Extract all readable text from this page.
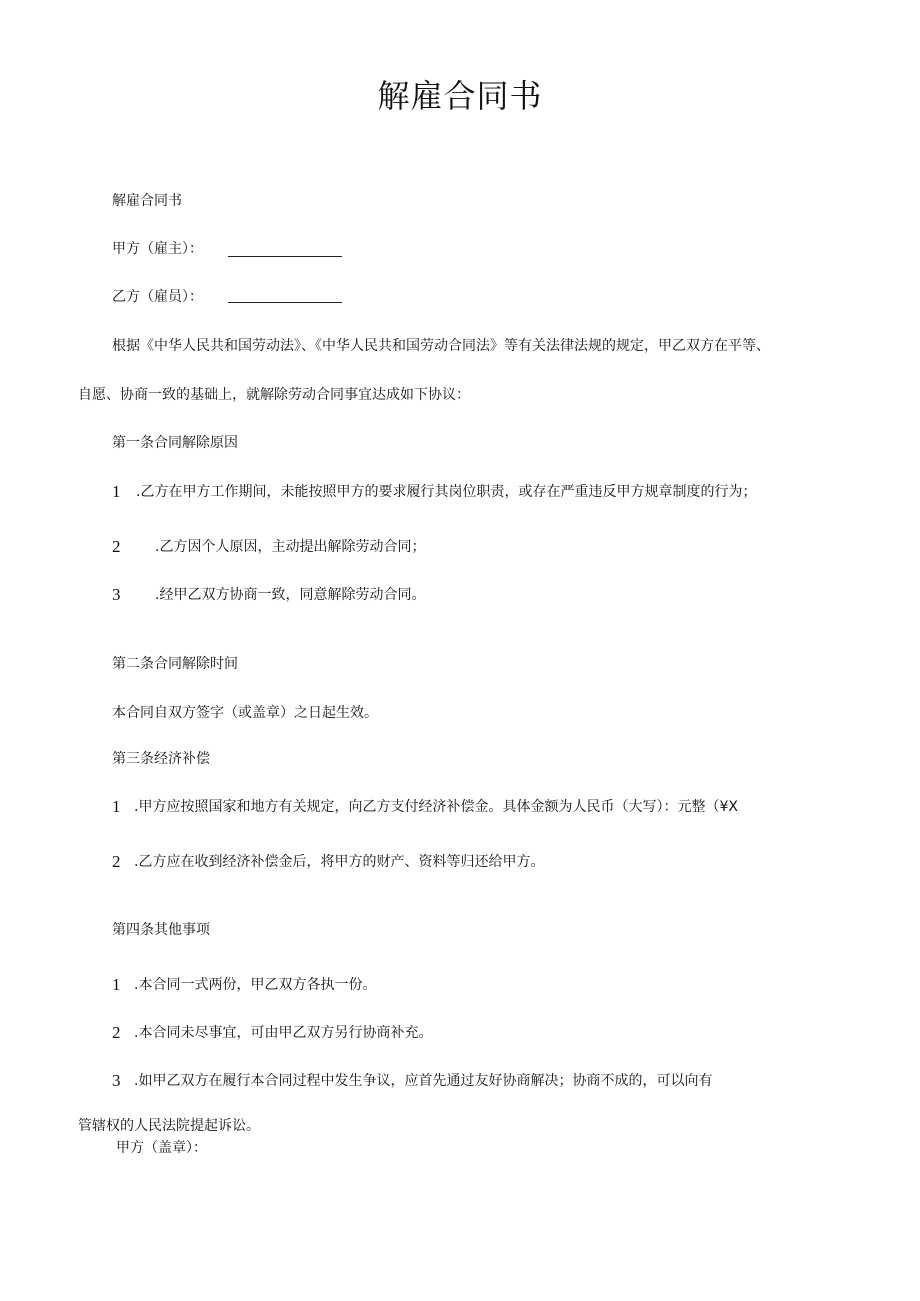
解雇合同书
解雇合同书
甲方（雇主）：
乙方（雇员）：
根据《中华人民共和国劳动法》、《中华人民共和国劳动合同法》等有关法律法规的规定，甲乙双方在平等、
自愿、协商一致的基础上，就解除劳动合同事宜达成如下协议：
第一条合同解除原因
1 .乙方在甲方工作期间，未能按照甲方的要求履行其岗位职责，或存在严重违反甲方规章制度的行为；
2 .乙方因个人原因，主动提出解除劳动合同；
3 .经甲乙双方协商一致，同意解除劳动合同。
第二条合同解除时间
本合同自双方签字（或盖章）之日起生效。
第三条经济补偿
1 .甲方应按照国家和地方有关规定，向乙方支付经济补偿金。具体金额为人民币（大写）：元整（¥X
2 .乙方应在收到经济补偿金后，将甲方的财产、资料等归还给甲方。
第四条其他事项
1 .本合同一式两份，甲乙双方各执一份。
2 .本合同未尽事宜，可由甲乙双方另行协商补充。
3 .如甲乙双方在履行本合同过程中发生争议，应首先通过友好协商解决；协商不成的，可以向有
管辖权的人民法院提起诉讼。
甲方（盖章）：
